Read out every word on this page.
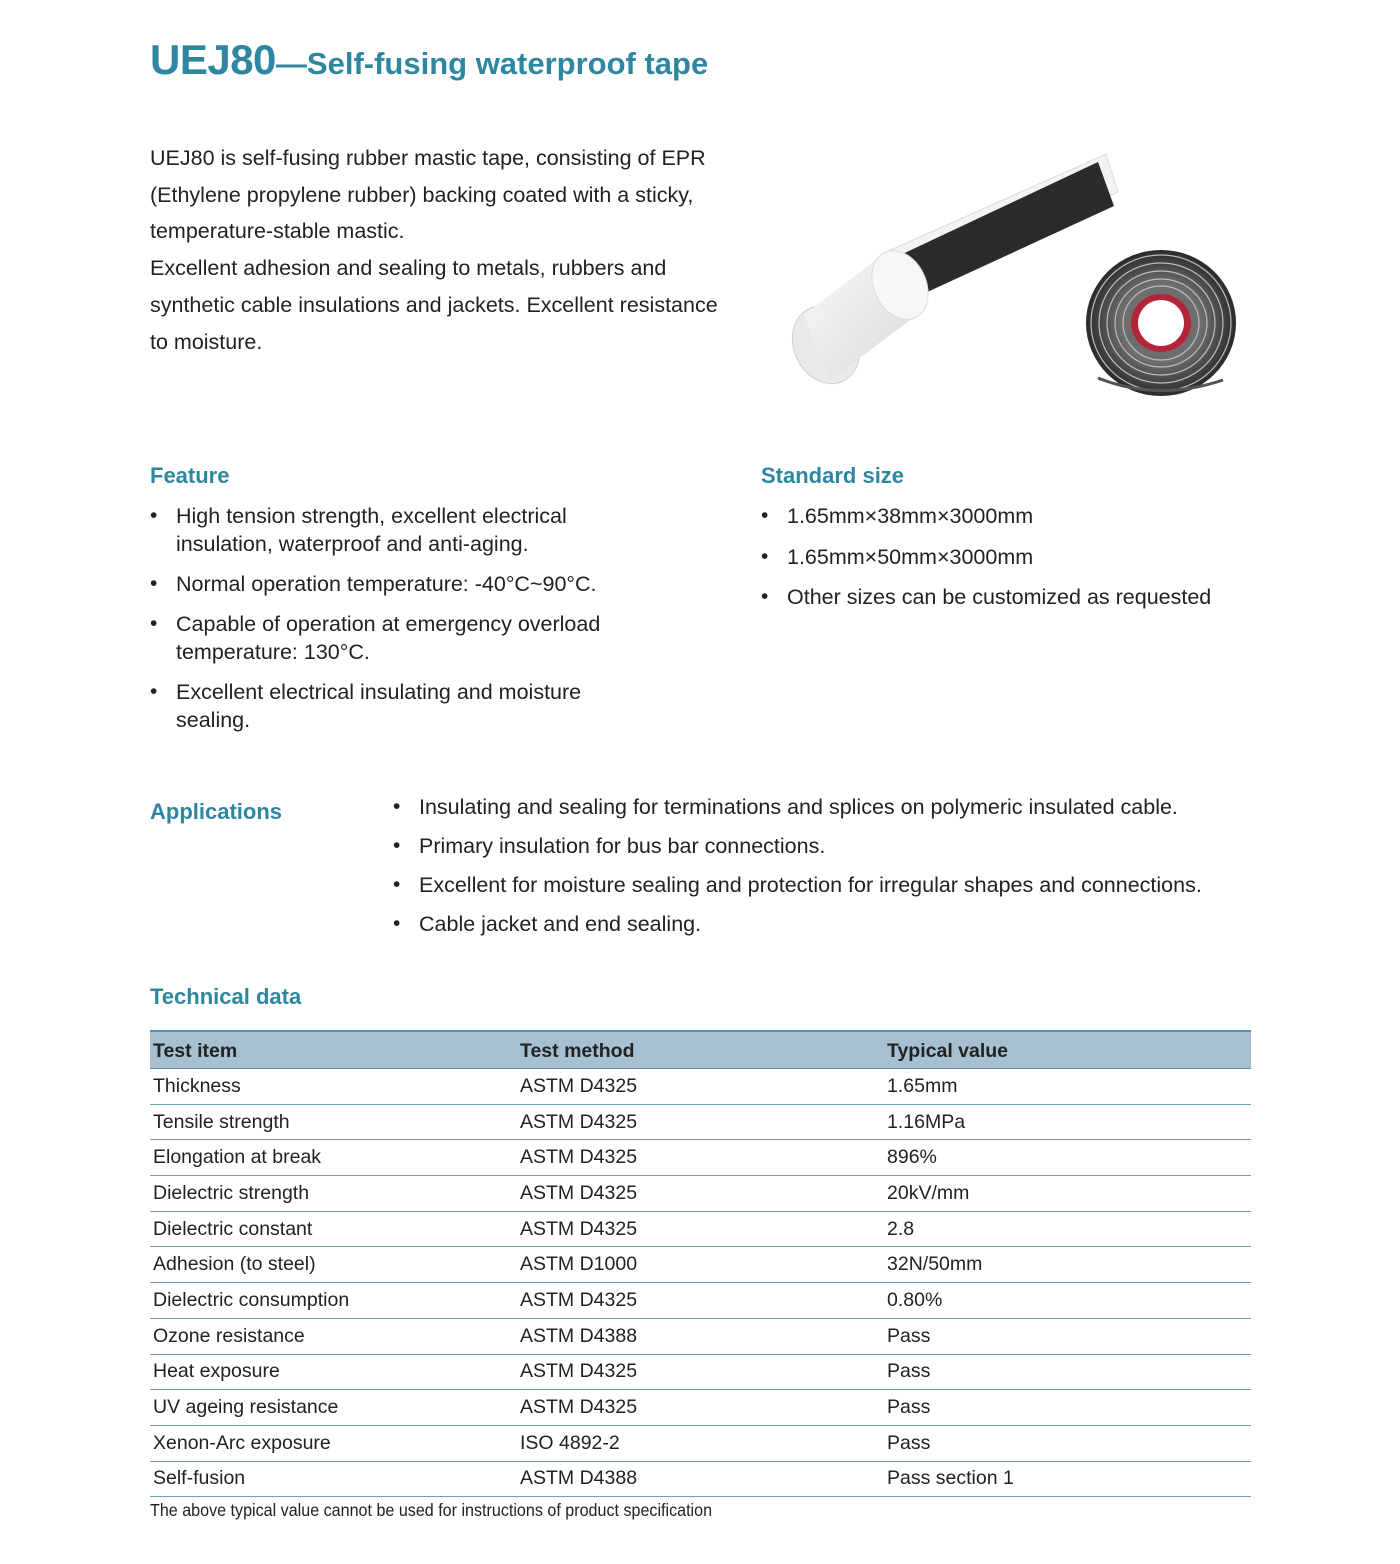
UEJ80—Self-fusing waterproof tape

UEJ80 is self-fusing rubber mastic tape, consisting of EPR (Ethylene propylene rubber) backing coated with a sticky, temperature-stable mastic.

Excellent adhesion and sealing to metals, rubbers and synthetic cable insulations and jackets. Excellent resistance to moisture.

Feature
• High tension strength, excellent electrical insulation, waterproof and anti-aging.
• Normal operation temperature: -40°C~90°C.
• Capable of operation at emergency overload temperature: 130°C.
• Excellent electrical insulating and moisture sealing.
Standard size
• 1.65mm×38mm×3000mm
• 1.65mm×50mm×3000mm
• Other sizes can be customized as requested
Applications	• Insulating and sealing for terminations and splices on polymeric insulated cable.
• Primary insulation for bus bar connections.
• Excellent for moisture sealing and protection for irregular shapes and connections.
• Cable jacket and end sealing.
Technical data
Test item	Test method	Typical value
Thickness	ASTM D4325	1.65mm
Tensile strength	ASTM D4325	1.16MPa
Elongation at break	ASTM D4325	896%
Dielectric strength	ASTM D4325	20kV/mm
Dielectric constant	ASTM D4325	2.8
Adhesion (to steel)	ASTM D1000	32N/50mm
Dielectric consumption	ASTM D4325	0.80%
Ozone resistance	ASTM D4388	Pass
Heat exposure	ASTM D4325	Pass
UV ageing resistance	ASTM D4325	Pass
Xenon-Arc exposure	ISO 4892-2	Pass
Self-fusion	ASTM D4388	Pass section 1
The above typical value cannot be used for instructions of product specification
